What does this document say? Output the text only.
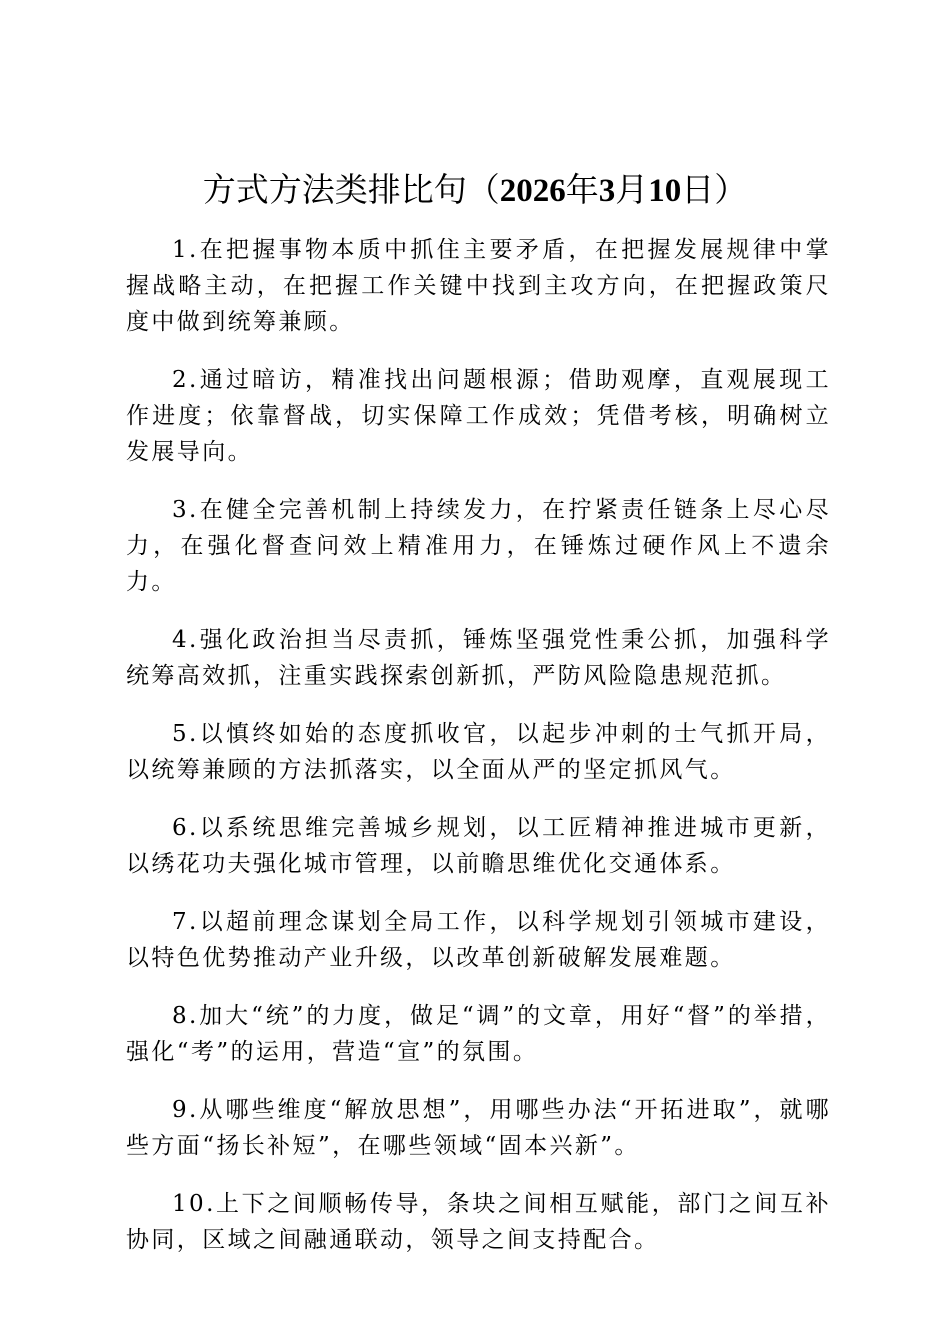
方式方法类排比句（2026年3月10日）

1.在把握事物本质中抓住主要矛盾，在把握发展规律中掌握战略主动，在把握工作关键中找到主攻方向，在把握政策尺度中做到统筹兼顾。

2.通过暗访，精准找出问题根源；借助观摩，直观展现工作进度；依靠督战，切实保障工作成效；凭借考核，明确树立发展导向。

3.在健全完善机制上持续发力，在拧紧责任链条上尽心尽力，在强化督查问效上精准用力，在锤炼过硬作风上不遗余力。

4.强化政治担当尽责抓，锤炼坚强党性秉公抓，加强科学统筹高效抓，注重实践探索创新抓，严防风险隐患规范抓。

5.以慎终如始的态度抓收官，以起步冲刺的士气抓开局，以统筹兼顾的方法抓落实，以全面从严的坚定抓风气。

6.以系统思维完善城乡规划，以工匠精神推进城市更新，以绣花功夫强化城市管理，以前瞻思维优化交通体系。

7.以超前理念谋划全局工作，以科学规划引领城市建设，以特色优势推动产业升级，以改革创新破解发展难题。

8.加大“统”的力度，做足“调”的文章，用好“督”的举措，强化“考”的运用，营造“宣”的氛围。

9.从哪些维度“解放思想”，用哪些办法“开拓进取”，就哪些方面“扬长补短”，在哪些领域“固本兴新”。

10.上下之间顺畅传导，条块之间相互赋能，部门之间互补协同，区域之间融通联动，领导之间支持配合。
